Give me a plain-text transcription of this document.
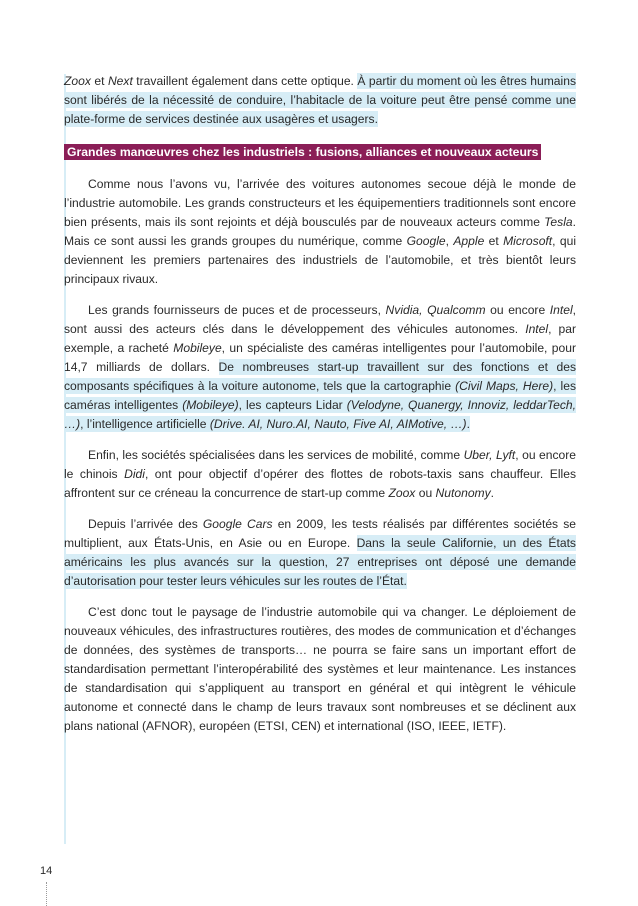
Zoox et Next travaillent également dans cette optique. À partir du moment où les êtres humains sont libérés de la nécessité de conduire, l’habitacle de la voiture peut être pensé comme une plate-forme de services destinée aux usagères et usagers.

Grandes manœuvres chez les industriels : fusions, alliances et nouveaux acteurs

Comme nous l’avons vu, l’arrivée des voitures autonomes secoue déjà le monde de l’industrie automobile. Les grands constructeurs et les équipementiers traditionnels sont encore bien présents, mais ils sont rejoints et déjà bousculés par de nouveaux acteurs comme Tesla. Mais ce sont aussi les grands groupes du numérique, comme Google, Apple et Microsoft, qui deviennent les premiers partenaires des industriels de l’automobile, et très bientôt leurs principaux rivaux.

Les grands fournisseurs de puces et de processeurs, Nvidia, Qualcomm ou encore Intel, sont aussi des acteurs clés dans le développement des véhicules autonomes. Intel, par exemple, a racheté Mobileye, un spécialiste des caméras intelligentes pour l’automobile, pour 14,7 milliards de dollars. De nombreuses start-up travaillent sur des fonctions et des composants spécifiques à la voiture autonome, tels que la cartographie (Civil Maps, Here), les caméras intelligentes (Mobileye), les capteurs Lidar (Velodyne, Quanergy, Innoviz, leddarTech, …), l’intelligence artificielle (Drive. AI, Nuro.AI, Nauto, Five AI, AIMotive, …).

Enfin, les sociétés spécialisées dans les services de mobilité, comme Uber, Lyft, ou encore le chinois Didi, ont pour objectif d’opérer des flottes de robots-taxis sans chauffeur. Elles affrontent sur ce créneau la concurrence de start-up comme Zoox ou Nutonomy.

Depuis l’arrivée des Google Cars en 2009, les tests réalisés par différentes sociétés se multiplient, aux États-Unis, en Asie ou en Europe. Dans la seule Californie, un des États américains les plus avancés sur la question, 27 entreprises ont déposé une demande d’autorisation pour tester leurs véhicules sur les routes de l’État.

C’est donc tout le paysage de l’industrie automobile qui va changer. Le déploiement de nouveaux véhicules, des infrastructures routières, des modes de communication et d’échanges de données, des systèmes de transports… ne pourra se faire sans un important effort de standardisation permettant l’interopérabilité des systèmes et leur maintenance. Les instances de standardisation qui s’appliquent au transport en général et qui intègrent le véhicule autonome et connecté dans le champ de leurs travaux sont nombreuses et se déclinent aux plans national (AFNOR), européen (ETSI, CEN) et international (ISO, IEEE, IETF).

14
